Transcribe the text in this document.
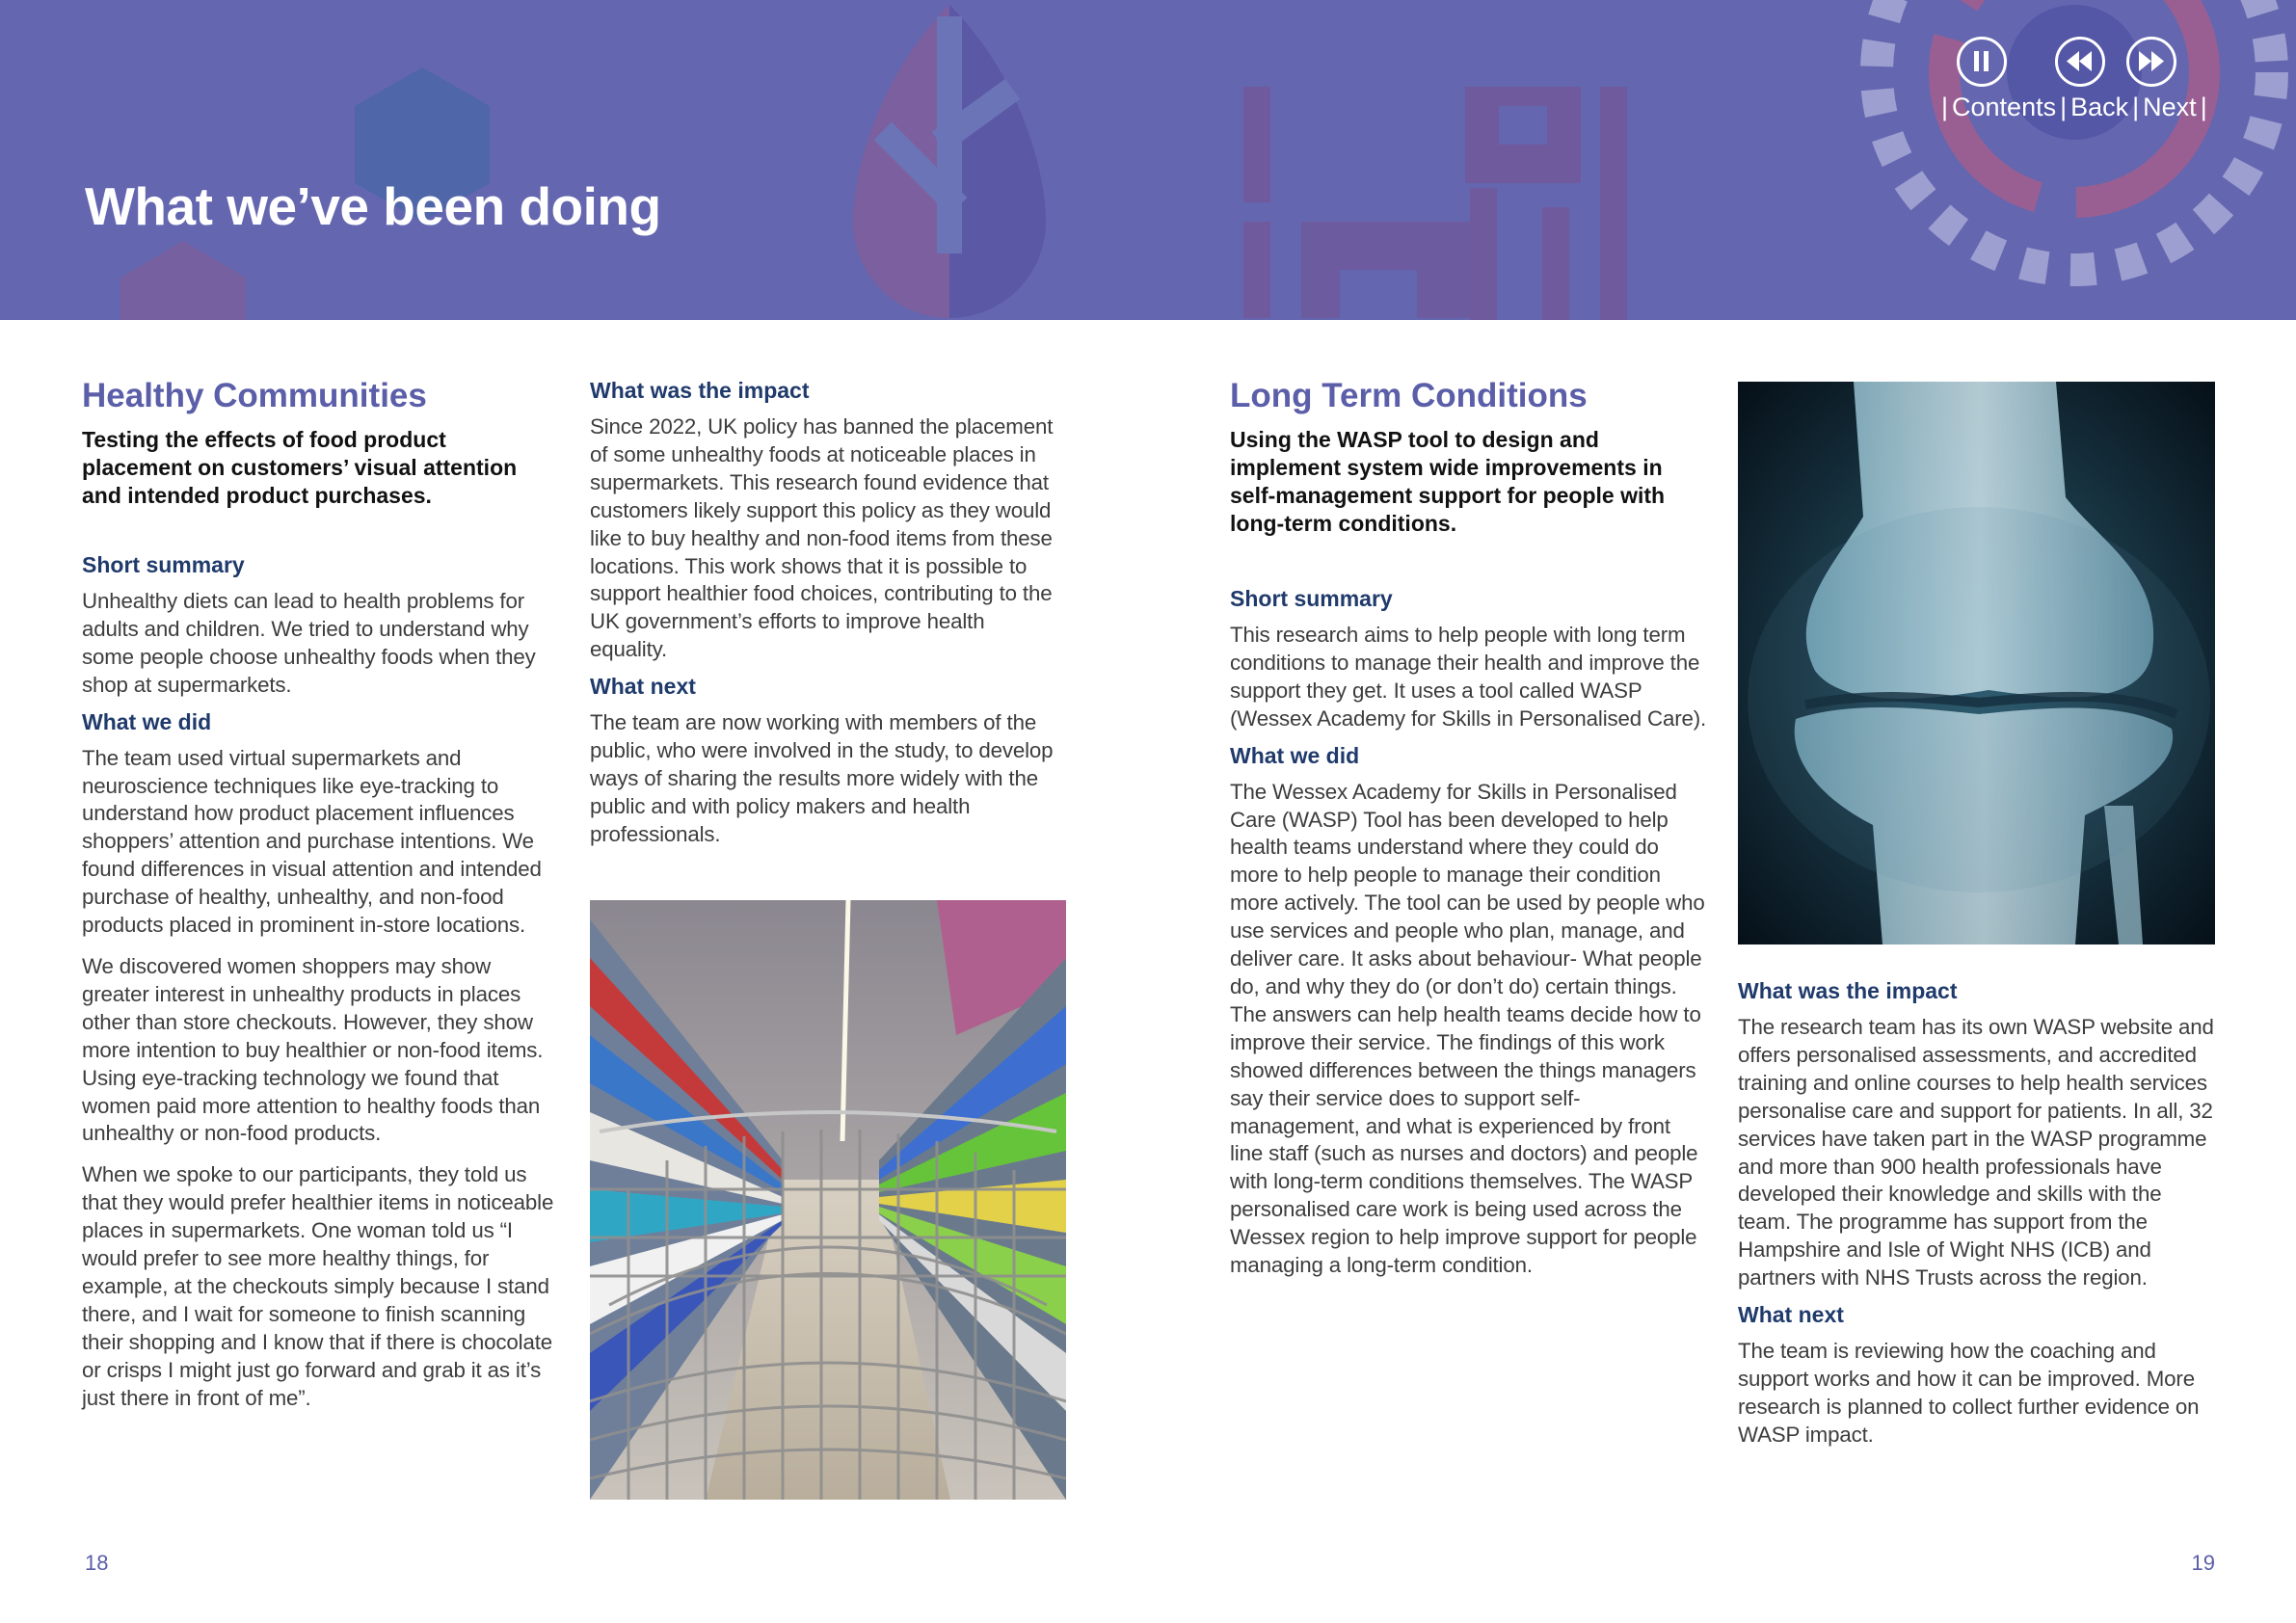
What we’ve been doing
| Contents | Back | Next |
Healthy Communities
Testing the effects of food product placement on customers’ visual attention and intended product purchases.
Short summary
Unhealthy diets can lead to health problems for adults and children. We tried to understand why some people choose unhealthy foods when they shop at supermarkets.
What we did
The team used virtual supermarkets and neuroscience techniques like eye-tracking to understand how product placement influences shoppers’ attention and purchase intentions. We found differences in visual attention and intended purchase of healthy, unhealthy, and non-food products placed in prominent in-store locations.
We discovered women shoppers may show greater interest in unhealthy products in places other than store checkouts. However, they show more intention to buy healthier or non-food items. Using eye-tracking technology we found that women paid more attention to healthy foods than unhealthy or non-food products.
When we spoke to our participants, they told us that they would prefer healthier items in noticeable places in supermarkets. One woman told us “I would prefer to see more healthy things, for example, at the checkouts simply because I stand there, and I wait for someone to finish scanning their shopping and I know that if there is chocolate or crisps I might just go forward and grab it as it’s just there in front of me”.
What was the impact
Since 2022, UK policy has banned the placement of some unhealthy foods at noticeable places in supermarkets. This research found evidence that customers likely support this policy as they would like to buy healthy and non-food items from these locations. This work shows that it is possible to support healthier food choices, contributing to the UK government’s efforts to improve health equality.
What next
The team are now working with members of the public, who were involved in the study, to develop ways of sharing the results more widely with the public and with policy makers and health professionals.
Long Term Conditions
Using the WASP tool to design and implement system wide improvements in self-management support for people with long-term conditions.
Short summary
This research aims to help people with long term conditions to manage their health and improve the support they get. It uses a tool called WASP (Wessex Academy for Skills in Personalised Care).
What we did
The Wessex Academy for Skills in Personalised Care (WASP) Tool has been developed to help health teams understand where they could do more to help people to manage their condition more actively. The tool can be used by people who use services and people who plan, manage, and deliver care. It asks about behaviour- What people do, and why they do (or don’t do) certain things. The answers can help health teams decide how to improve their service. The findings of this work showed differences between the things managers say their service does to support self-management, and what is experienced by front line staff (such as nurses and doctors) and people with long-term conditions themselves. The WASP personalised care work is being used across the Wessex region to help improve support for people managing a long-term condition.
What was the impact
The research team has its own WASP website and offers personalised assessments, and accredited training and online courses to help health services personalise care and support for patients. In all, 32 services have taken part in the WASP programme and more than 900 health professionals have developed their knowledge and skills with the team. The programme has support from the Hampshire and Isle of Wight NHS (ICB) and partners with NHS Trusts across the region.
What next
The team is reviewing how the coaching and support works and how it can be improved. More research is planned to collect further evidence on WASP impact.
18	19
